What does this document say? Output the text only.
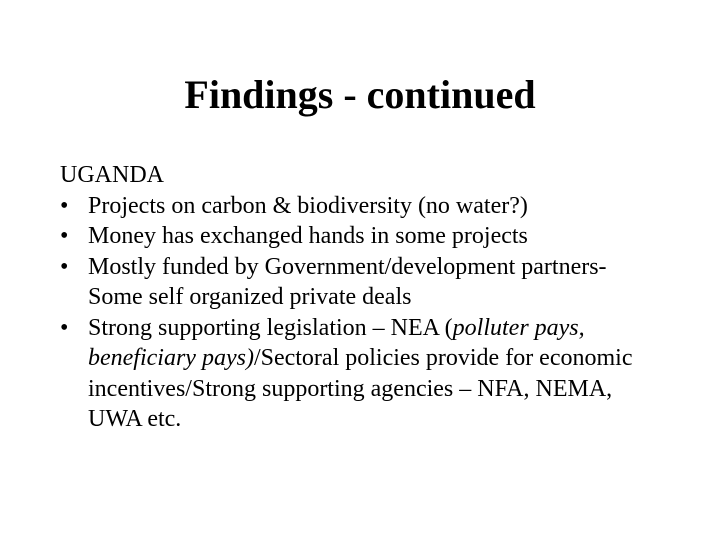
Findings - continued

UGANDA

• Projects on carbon & biodiversity (no water?)
• Money has exchanged hands in some projects
• Mostly funded by Government/development partners- Some self organized private deals
• Strong supporting legislation – NEA (polluter pays, beneficiary pays)/Sectoral policies provide for economic incentives/Strong supporting agencies – NFA, NEMA, UWA etc.
